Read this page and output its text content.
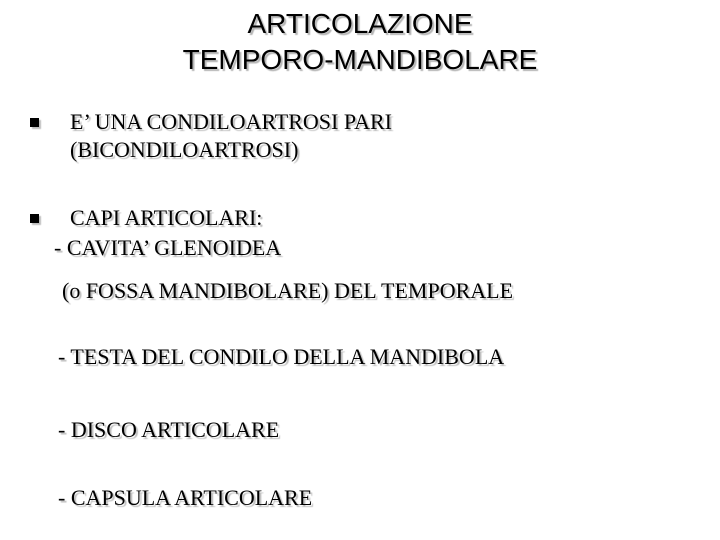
ARTICOLAZIONE
TEMPORO-MANDIBOLARE
E’ UNA CONDILOARTROSI PARI
(BICONDILOARTROSI)
CAPI ARTICOLARI:
- CAVITA’ GLENOIDEA
(o FOSSA MANDIBOLARE) DEL TEMPORALE
- TESTA DEL CONDILO DELLA MANDIBOLA
- DISCO ARTICOLARE
- CAPSULA ARTICOLARE
